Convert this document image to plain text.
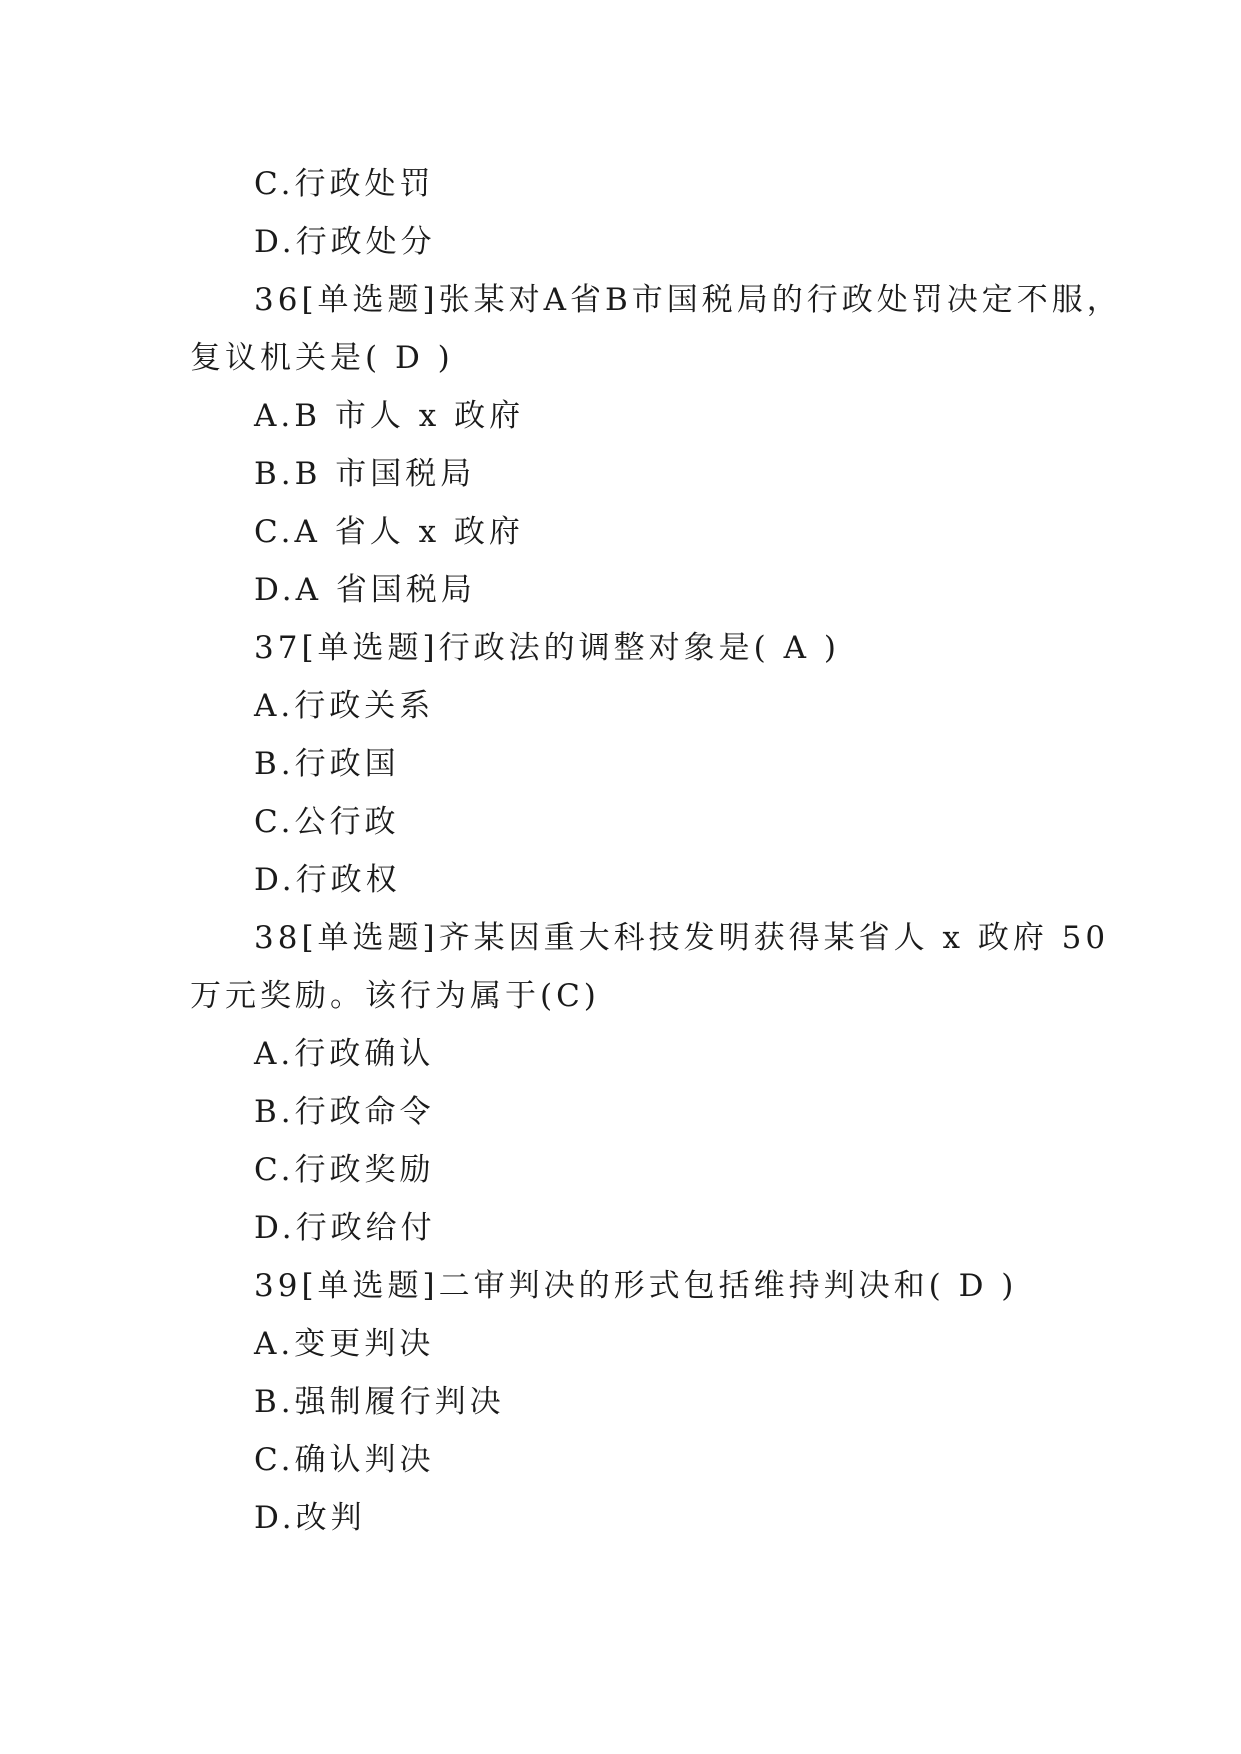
C.行政处罚
D.行政处分
36[单选题]张某对A省B市国税局的行政处罚决定不服，
复议机关是( D )
A.B 市人 x 政府
B.B 市国税局
C.A 省人 x 政府
D.A 省国税局
37[单选题]行政法的调整对象是( A )
A.行政关系
B.行政国
C.公行政
D.行政权
38[单选题]齐某因重大科技发明获得某省人 x 政府 50
万元奖励。该行为属于(C)
A.行政确认
B.行政命令
C.行政奖励
D.行政给付
39[单选题]二审判决的形式包括维持判决和( D )
A.变更判决
B.强制履行判决
C.确认判决
D.改判
